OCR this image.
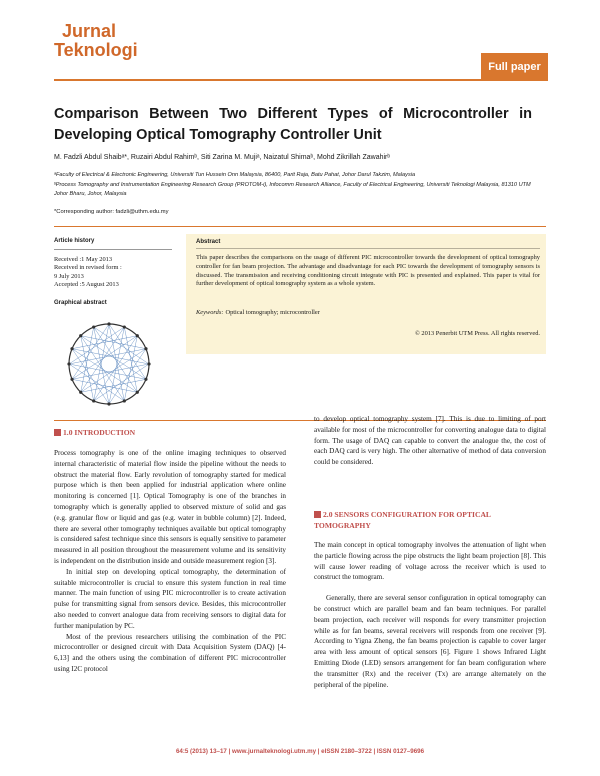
Jurnal
Teknologi
Full paper
Comparison Between Two Different Types of Microcontroller in Developing Optical Tomography Controller Unit
M. Fadzli Abdul Shaibᵃ*, Ruzairi Abdul Rahimᵇ, Siti Zarina M. Mujiᵃ, Naizatul Shimaᵇ, Mohd Zikrillah Zawahirᵇ
ᵃFaculty of Electrical & Electronic Engineering, Universiti Tun Hussein Onn Malaysia, 86400, Parit Raja, Batu Pahat, Johor Darul Takzim, Malaysia
ᵇProcess Tomography and Instrumentation Engineering Research Group (PROTOM-i), Infocomm Research Alliance, Faculty of Electrical Engineering, Universiti Teknologi Malaysia, 81310 UTM Johor Bharu, Johor, Malaysia
*Corresponding author: fadzli@uthm.edu.my
Article history
Received :1 May 2013
Received in revised form :
9 July 2013
Accepted :5 August 2013
Graphical abstract
Abstract
This paper describes the comparisons on the usage of different PIC microcontroller towards the development of optical tomography controller for fan beam projection. The advantage and disadvantage for each PIC towards the development of tomography sensors is discussed. The transmission and receiving conditioning circuit integrate with PIC is presented and explained. This paper is vital for further development of optical tomography system as a whole system.
Keywords: Optical tomography; microcontroller
© 2013 Penerbit UTM Press. All rights reserved.
1.0 INTRODUCTION

Process tomography is one of the online imaging techniques to observed internal characteristic of material flow inside the pipeline without the needs to obstruct the material flow. Early revolution of tomography started for medical purpose which is then been applied for industrial application where online monitoring is concerned [1]. Optical Tomography is one of the branches in tomography which is generally applied to observed mixture of solid and gas (e.g. granular flow or liquid and gas (e.g. water in bubble column) [2]. Indeed, there are several other tomography techniques available but optical tomography is considered safest technique since this sensors is equally sensitive to parameter measured in all position throughout the measurement volume and its sensitivity is independent on the distribution inside and outside measurement region [3].

In initial step on developing optical tomography, the determination of suitable microcontroller is crucial to ensure this system function in real time manner. The main function of using PIC microcontroller is to create activation pulse for transmitting signal from sensors device. Besides, this microcontroller also needed to convert analogue data from receiving sensors to digital data for further manipulation by PC.

Most of the previous researchers utilising the combination of the PIC microcontroller or designed circuit with Data Acquisition System (DAQ) [4-6,13] and the others using the combination of different PIC microcontroller using I2C protocol

to develop optical tomography system [7]. This is due to limiting of port available for most of the microcontroller for converting analogue data to digital form. The usage of DAQ can capable to convert the analogue the, the cost of each DAQ card is very high. The other alternative of method of data conversion could be considered.

2.0 SENSORS CONFIGURATION FOR OPTICAL TOMOGRAPHY

The main concept in optical tomography involves the attenuation of light when the particle flowing across the pipe obstructs the light beam projection [8]. This will cause lower reading of voltage across the receiver which is used to construct the tomogram.

Generally, there are several sensor configuration in optical tomography can be construct which are parallel beam and fan beam techniques. For parallel beam projection, each receiver will responds for every transmitter projection while as for fan beams, several receivers will responds from one receiver [9]. According to Yigna Zheng, the fan beams projection is capable to cover larger area with less amount of optical sensors [6]. Figure 1 shows Infrared Light Emitting Diode (LED) sensors arrangement for fan beam configuration where the transmitter (Rx) and the receiver (Tx) are arrange alternately on the peripheral of the pipeline.

64:5 (2013) 13–17 | www.jurnalteknologi.utm.my | eISSN 2180–3722 | ISSN 0127–9696
